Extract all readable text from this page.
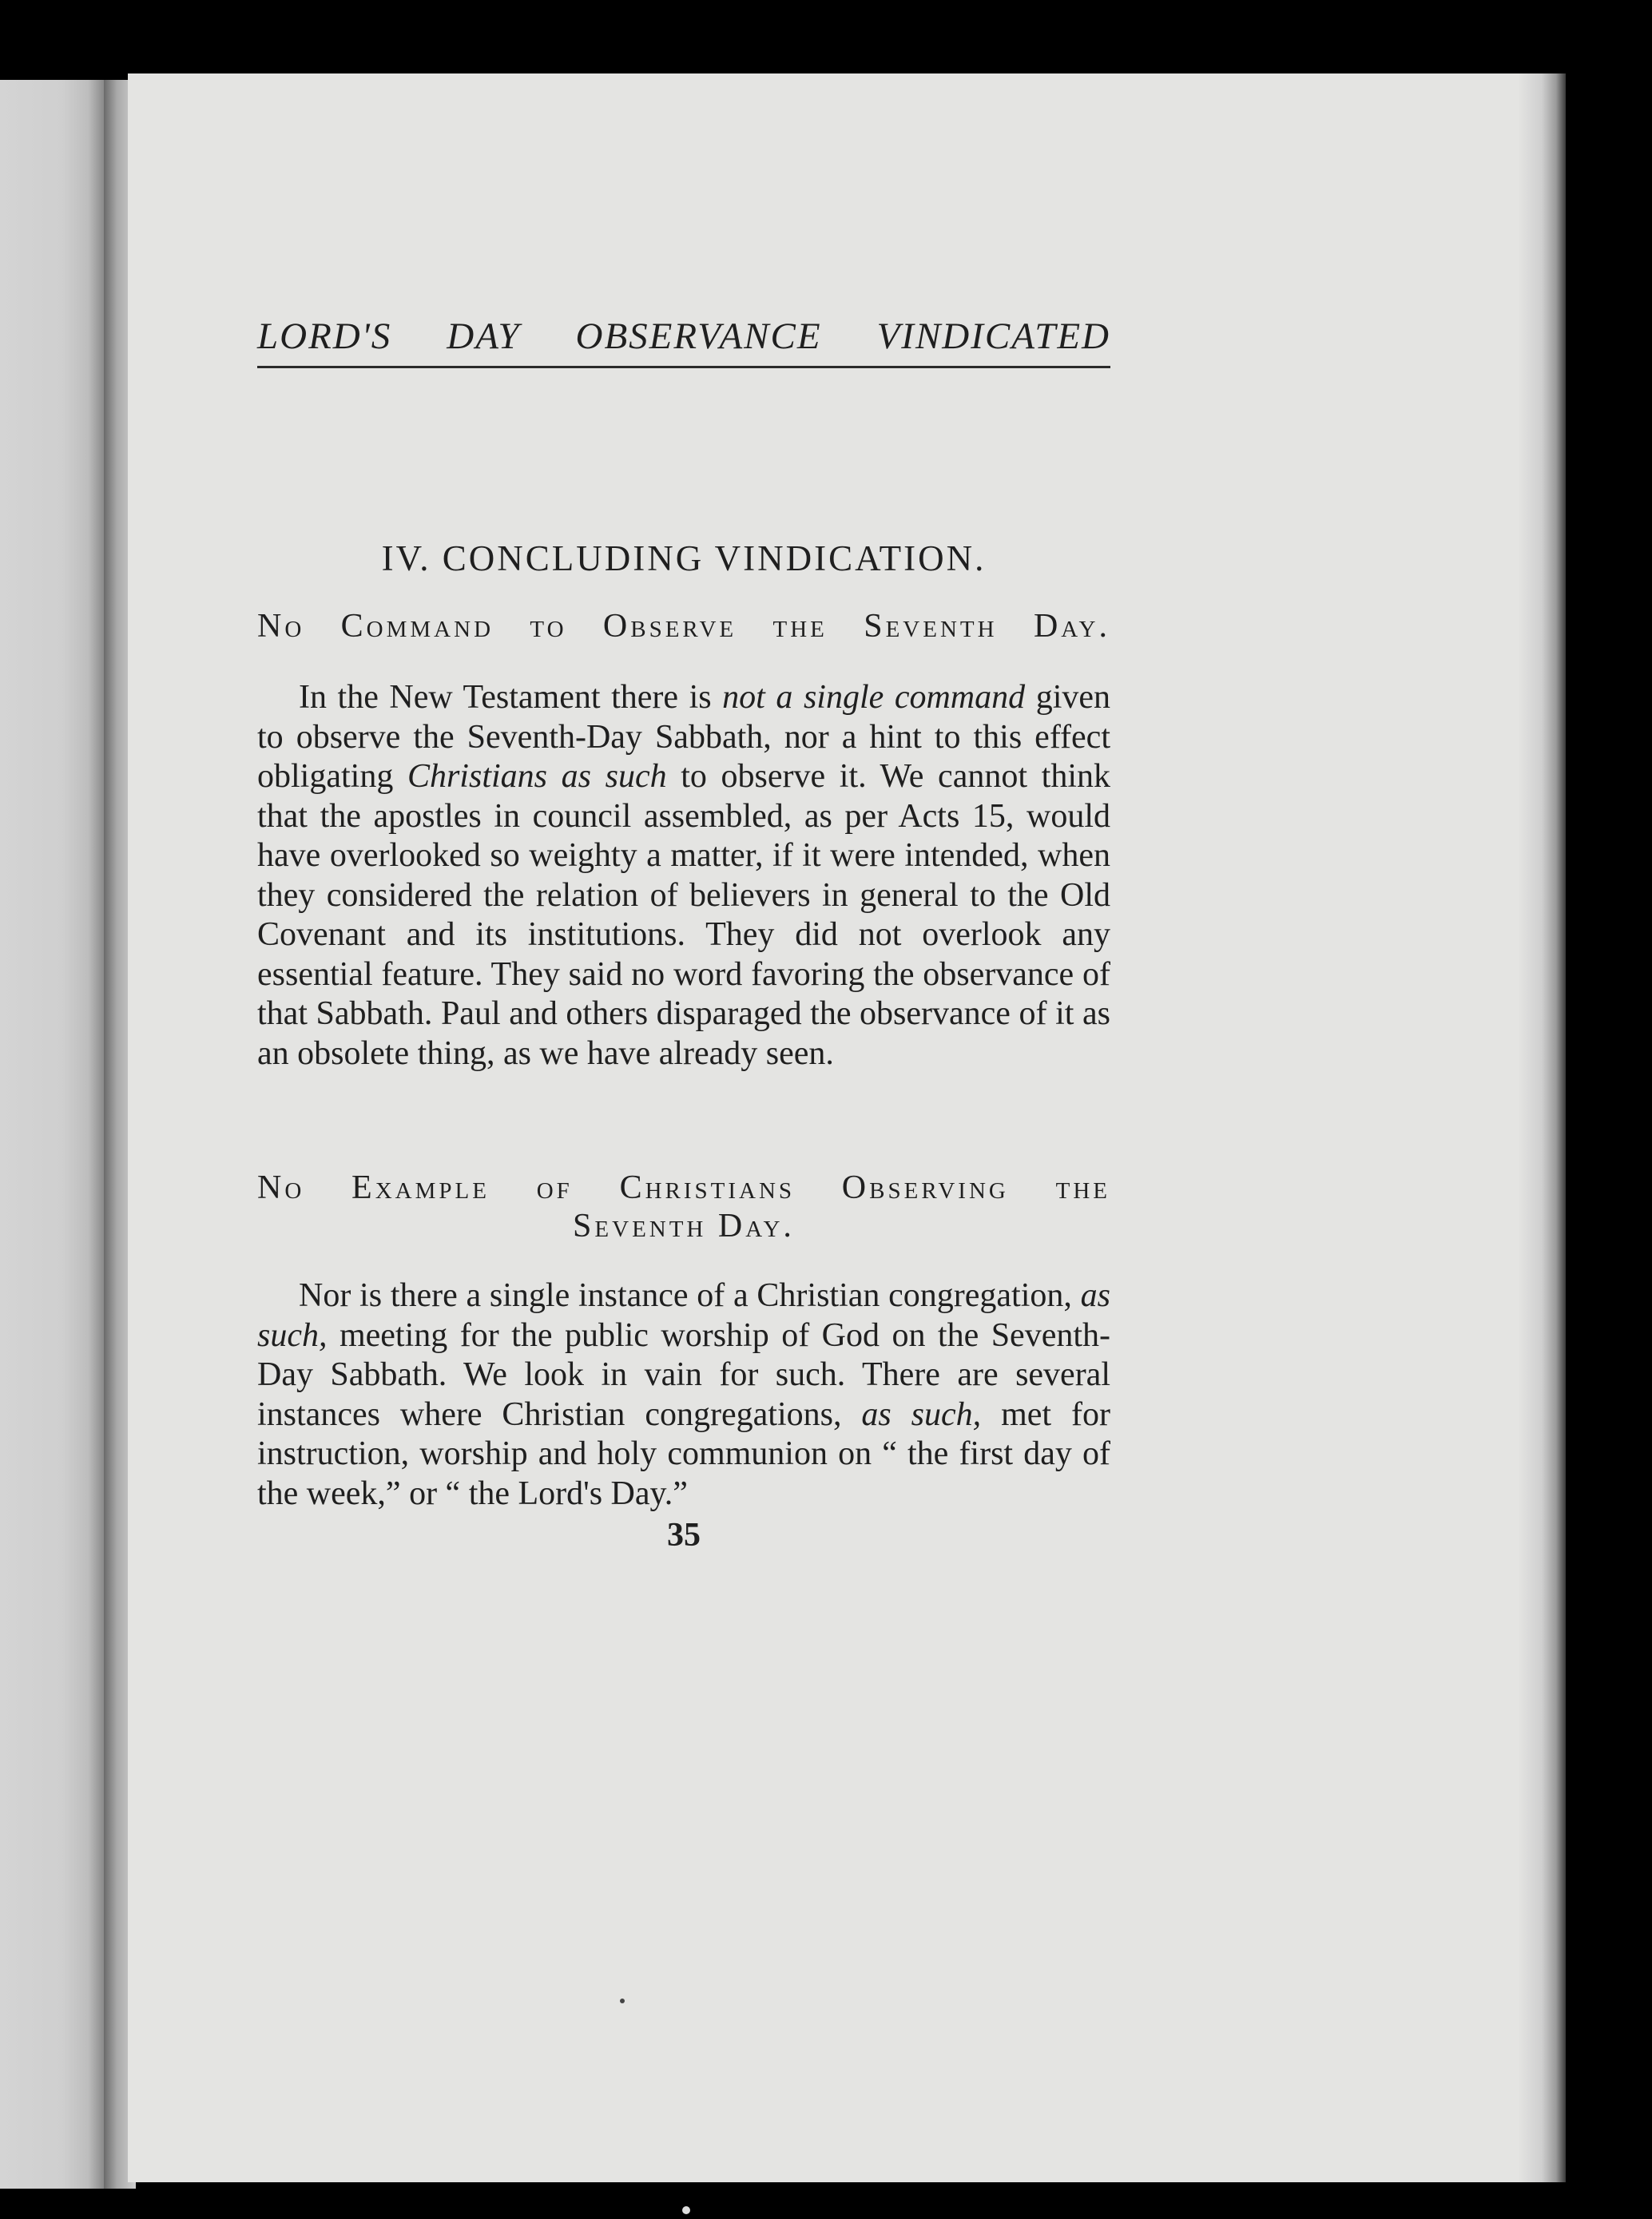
LORD'S DAY OBSERVANCE VINDICATED
IV. CONCLUDING VINDICATION.
No Command to Observe the Seventh Day.

In the New Testament there is not a single command given to observe the Seventh-Day Sabbath, nor a hint to this effect obligating Christians as such to observe it. We cannot think that the apostles in council assembled, as per Acts 15, would have overlooked so weighty a matter, if it were intended, when they considered the relation of believers in general to the Old Covenant and its institutions. They did not overlook any essential feature. They said no word favoring the observance of that Sabbath. Paul and others disparaged the observance of it as an obsolete thing, as we have already seen.

No Example of Christians Observing the
Seventh Day.

Nor is there a single instance of a Christian congregation, as such, meeting for the public worship of God on the Seventh-Day Sabbath. We look in vain for such. There are several instances where Christian congregations, as such, met for instruction, worship and holy communion on “ the first day of the week,” or “ the Lord's Day.”

35
